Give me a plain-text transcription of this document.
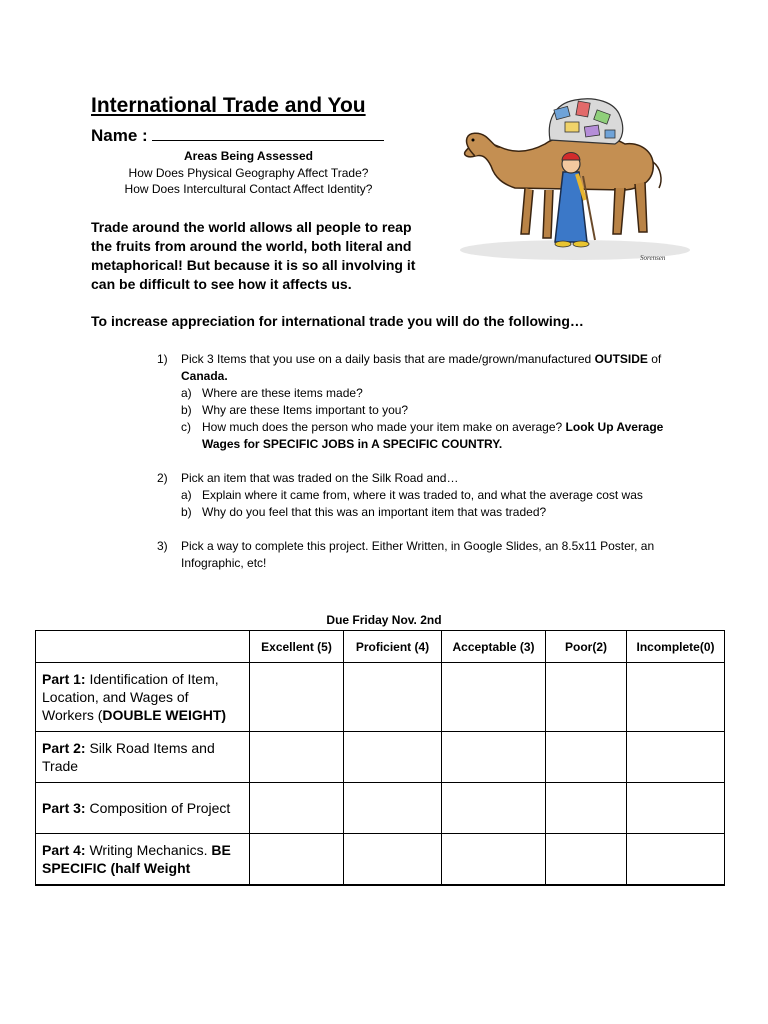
International Trade and You
Name :
Areas Being Assessed
How Does Physical Geography Affect Trade?
How Does Intercultural Contact Affect Identity?
Trade around the world allows all people to reap the fruits from around the world, both literal and metaphorical! But because it is so all involving it can be difficult to see how it affects us.
To increase appreciation for international trade you will do the following…
1) Pick 3 Items that you use on a daily basis that are made/grown/manufactured OUTSIDE of Canada.
a) Where are these items made?
b) Why are these Items important to you?
c) How much does the person who made your item make on average? Look Up Average Wages for SPECIFIC JOBS in A SPECIFIC COUNTRY.
2) Pick an item that was traded on the Silk Road and…
a) Explain where it came from, where it was traded to, and what the average cost was
b) Why do you feel that this was an important item that was traded?
3) Pick a way to complete this project. Either Written, in Google Slides, an 8.5x11 Poster, an Infographic, etc!
Due Friday Nov. 2nd
	Excellent (5)	Proficient (4)	Acceptable (3)	Poor(2)	Incomplete(0)
Part 1: Identification of Item, Location, and Wages of Workers (DOUBLE WEIGHT)					
Part 2: Silk Road Items and Trade					
Part 3: Composition of Project					
Part 4: Writing Mechanics. BE SPECIFIC (half Weight					
Sorensen
